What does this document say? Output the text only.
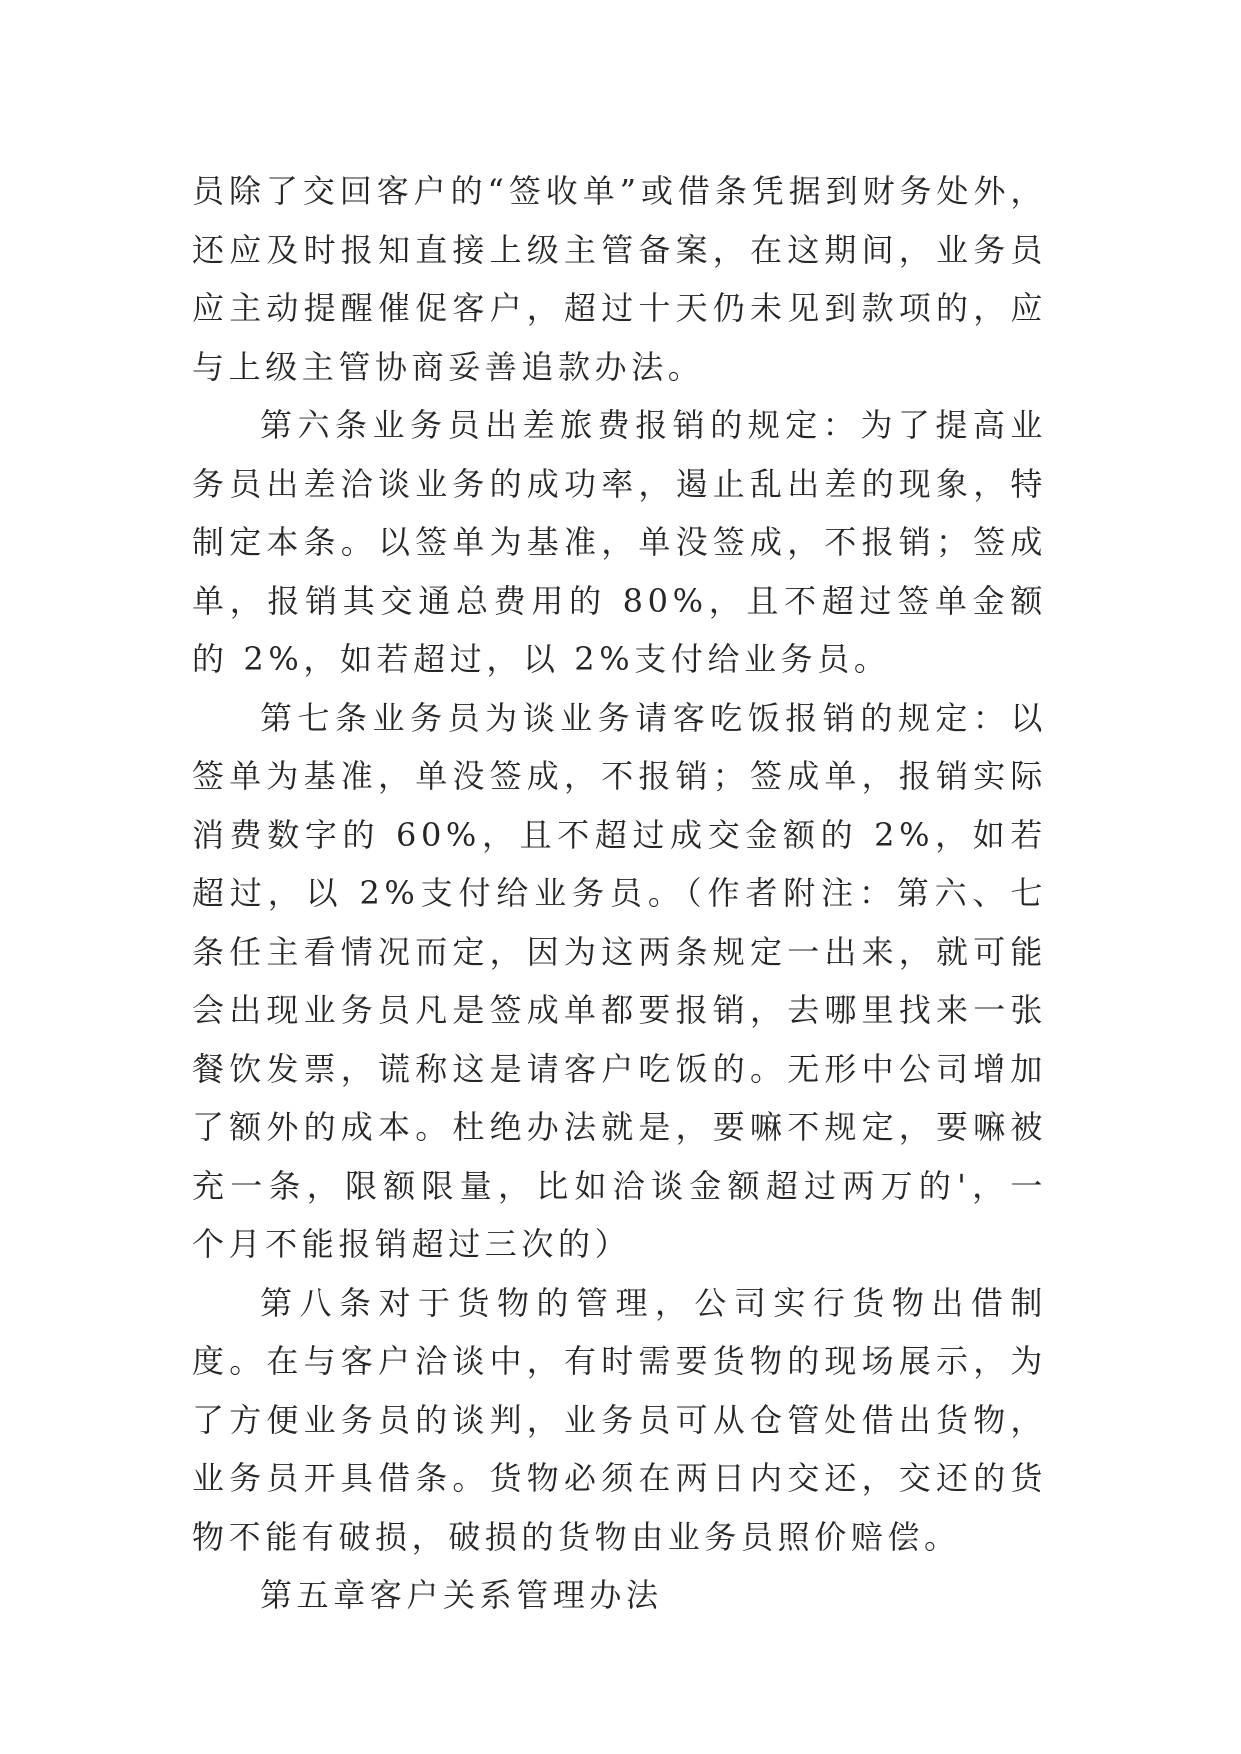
员除了交回客户的“签收单”或借条凭据到财务处外，还应及时报知直接上级主管备案，在这期间，业务员应主动提醒催促客户，超过十天仍未见到款项的，应与上级主管协商妥善追款办法。

第六条业务员出差旅费报销的规定：为了提高业务员出差洽谈业务的成功率，遏止乱出差的现象，特制定本条。以签单为基准，单没签成，不报销；签成单，报销其交通总费用的 80%，且不超过签单金额的 2%，如若超过，以 2%支付给业务员。

第七条业务员为谈业务请客吃饭报销的规定：以签单为基准，单没签成，不报销；签成单，报销实际消费数字的 60%，且不超过成交金额的 2%，如若超过，以 2%支付给业务员。（作者附注：第六、七条任主看情况而定，因为这两条规定一出来，就可能会出现业务员凡是签成单都要报销，去哪里找来一张餐饮发票，谎称这是请客户吃饭的。无形中公司增加了额外的成本。杜绝办法就是，要嘛不规定，要嘛被充一条，限额限量，比如洽谈金额超过两万的'，一个月不能报销超过三次的）

第八条对于货物的管理，公司实行货物出借制度。在与客户洽谈中，有时需要货物的现场展示，为了方便业务员的谈判，业务员可从仓管处借出货物，业务员开具借条。货物必须在两日内交还，交还的货物不能有破损，破损的货物由业务员照价赔偿。

第五章客户关系管理办法
